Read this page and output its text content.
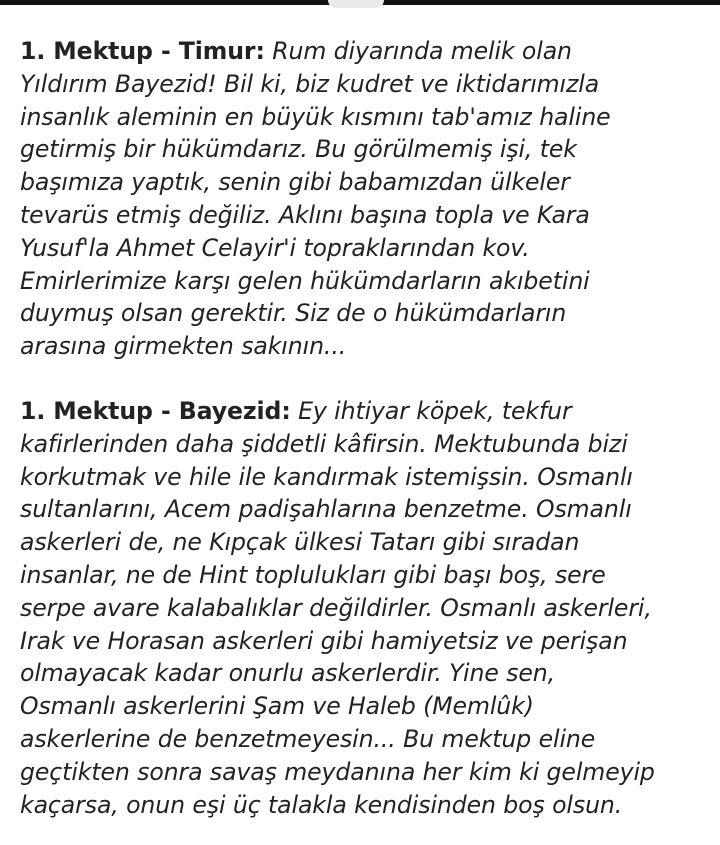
1. Mektup - Timur: Rum diyarında melik olan
Yıldırım Bayezid! Bil ki, biz kudret ve iktidarımızla
insanlık aleminin en büyük kısmını tab'amız haline
getirmiş bir hükümdarız. Bu görülmemiş işi, tek
başımıza yaptık, senin gibi babamızdan ülkeler
tevarüs etmiş değiliz. Aklını başına topla ve Kara
Yusuf'la Ahmet Celayir'i topraklarından kov.
Emirlerimize karşı gelen hükümdarların akıbetini
duymuş olsan gerektir. Siz de o hükümdarların
arasına girmekten sakının...

1. Mektup - Bayezid: Ey ihtiyar köpek, tekfur
kafirlerinden daha şiddetli kâfirsin. Mektubunda bizi
korkutmak ve hile ile kandırmak istemişsin. Osmanlı
sultanlarını, Acem padişahlarına benzetme. Osmanlı
askerleri de, ne Kıpçak ülkesi Tatarı gibi sıradan
insanlar, ne de Hint toplulukları gibi başı boş, sere
serpe avare kalabalıklar değildirler. Osmanlı askerleri,
Irak ve Horasan askerleri gibi hamiyetsiz ve perişan
olmayacak kadar onurlu askerlerdir. Yine sen,
Osmanlı askerlerini Şam ve Haleb (Memlûk)
askerlerine de benzetmeyesin... Bu mektup eline
geçtikten sonra savaş meydanına her kim ki gelmeyip
kaçarsa, onun eşi üç talakla kendisinden boş olsun.
